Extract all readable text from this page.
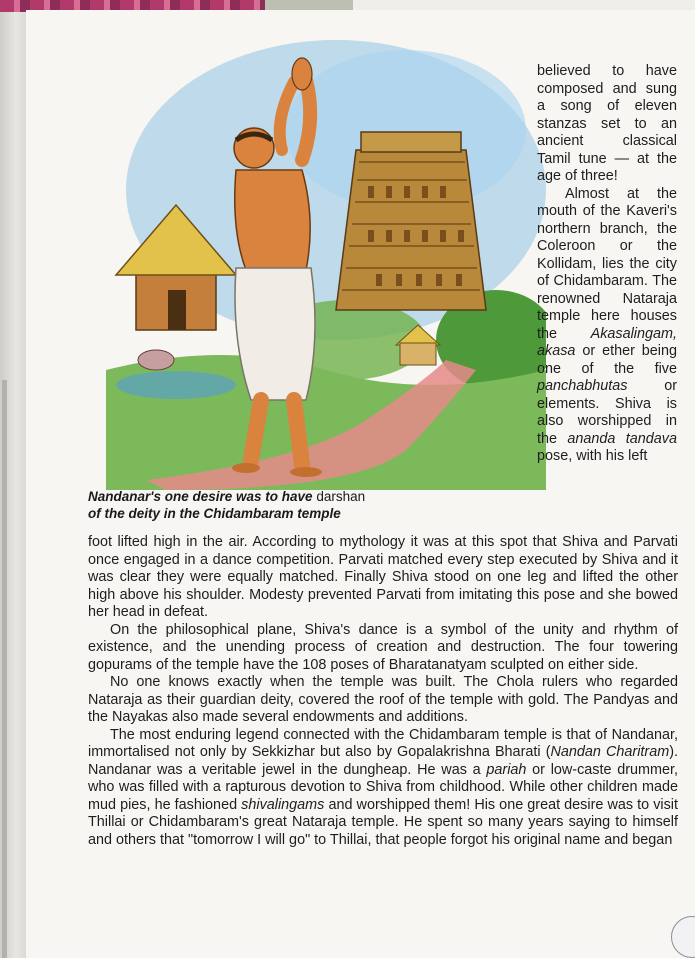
Nandanar's one desire was to have darshan
of the deity in the Chidambaram temple

believed to have composed and sung a song of eleven stanzas set to an ancient classical Tamil tune — at the age of three!

Almost at the mouth of the Kaveri's northern branch, the Coleroon or the Kollidam, lies the city of Chidambaram. The renowned Nataraja temple here houses the Akasalingam, akasa or ether being one of the five panchabhutas	or elements. Shiva is also worshipped in the ananda tandava pose, with his left

foot lifted high in the air. According to mythology it was at this spot that Shiva and Parvati once engaged in a dance competition. Parvati matched every step executed by Shiva and it was clear they were equally matched. Finally Shiva stood on one leg and lifted the other high above his shoulder. Modesty prevented Parvati from imitating this pose and she bowed her head in defeat.

On the philosophical plane, Shiva's dance is a symbol of the unity and rhythm of existence, and the unending process of creation and destruction. The four towering gopurams of the temple have the 108 poses of Bharatanatyam sculpted on either side.

No one knows exactly when the temple was built. The Chola rulers who regarded Nataraja as their guardian deity, covered the roof of the temple with gold. The Pandyas and the Nayakas also made several endowments and additions.

The most enduring legend connected with the Chidambaram temple is that of Nandanar, immortalised not only by Sekkizhar but also by Gopalakrishna Bharati (Nandan Charitram). Nandanar was a veritable jewel in the dungheap. He was a pariah or low-caste drummer, who was filled with a rapturous devotion to Shiva from childhood. While other children made mud pies, he fashioned shivalingams and worshipped them! His one great desire was to visit Thillai or Chidambaram's great Nataraja temple. He spent so many years saying to himself and others that "tomorrow I will go" to Thillai, that people forgot his original name and began
